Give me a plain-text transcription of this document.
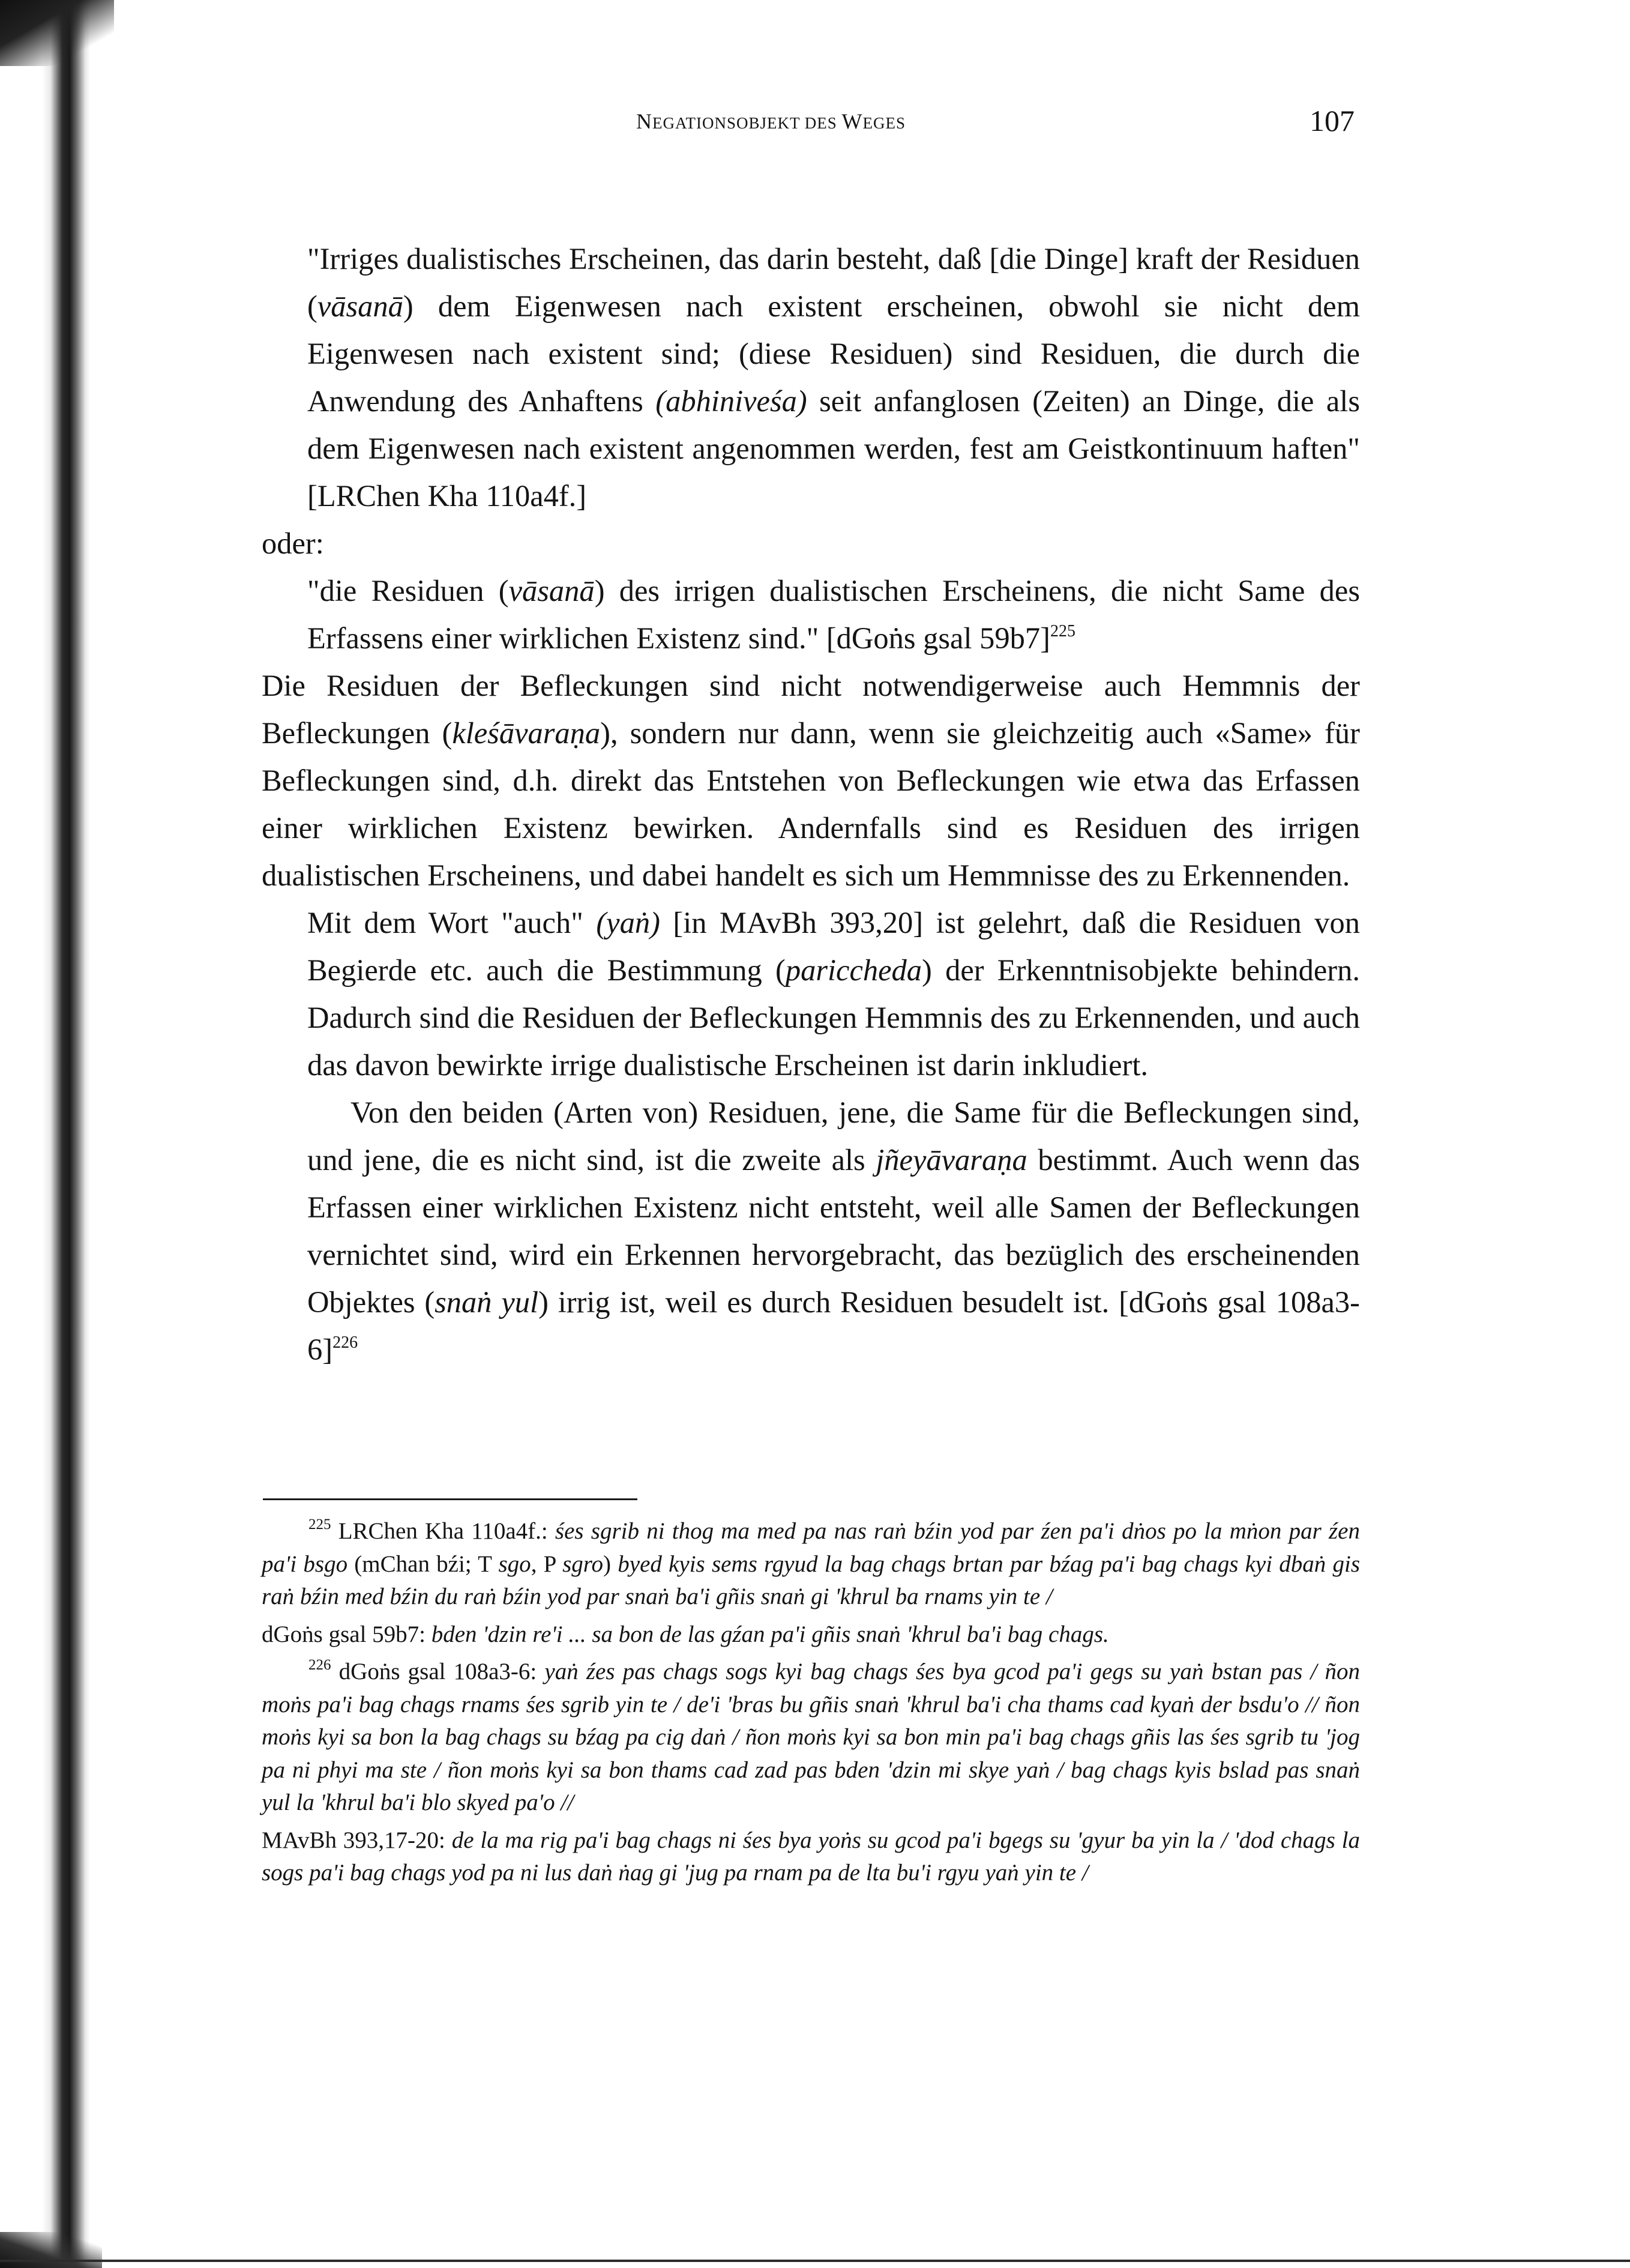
NEGATIONSOBJEKT DES WEGES	107

"Irriges dualistisches Erscheinen, das darin besteht, daß [die Dinge] kraft der Residuen (vāsanā) dem Eigenwesen nach existent erscheinen, obwohl sie nicht dem Eigenwesen nach existent sind; (diese Residuen) sind Residuen, die durch die Anwendung des Anhaftens (abhiniveśa) seit anfanglosen (Zeiten) an Dinge, die als dem Eigenwesen nach existent angenommen werden, fest am Geistkontinuum haften" [LRChen Kha 110a4f.]

oder:

"die Residuen (vāsanā) des irrigen dualistischen Erscheinens, die nicht Same des Erfassens einer wirklichen Existenz sind." [dGoṅs gsal 59b7]$^{225}$

Die Residuen der Befleckungen sind nicht notwendigerweise auch Hemmnis der Befleckungen (kleśāvaraṇa), sondern nur dann, wenn sie gleichzeitig auch «Same» für Befleckungen sind, d.h. direkt das Entstehen von Befleckungen wie etwa das Erfassen einer wirklichen Existenz bewirken. Andernfalls sind es Residuen des irrigen dualistischen Erscheinens, und dabei handelt es sich um Hemmnisse des zu Erkennenden.

Mit dem Wort "auch" (yaṅ) [in MAvBh 393,20] ist gelehrt, daß die Residuen von Begierde etc. auch die Bestimmung (pariccheda) der Erkenntnisobjekte behindern. Dadurch sind die Residuen der Befleckungen Hemmnis des zu Erkennenden, und auch das davon bewirkte irrige dualistische Erscheinen ist darin inkludiert.

Von den beiden (Arten von) Residuen, jene, die Same für die Befleckungen sind, und jene, die es nicht sind, ist die zweite als jñeyāvaraṇa bestimmt. Auch wenn das Erfassen einer wirklichen Existenz nicht entsteht, weil alle Samen der Befleckungen vernichtet sind, wird ein Erkennen hervorgebracht, das bezüglich des erscheinenden Objektes (snaṅ yul) irrig ist, weil es durch Residuen besudelt ist. [dGoṅs gsal 108a3-6]$^{226}$

$^{225}$ LRChen Kha 110a4f.: śes sgrib ni thog ma med pa nas raṅ bźin yod par źen pa'i dṅos po la mṅon par źen pa'i bsgo (mChan bźi; T sgo, P sgro) byed kyis sems rgyud la bag chags brtan par bźag pa'i bag chags kyi dbaṅ gis raṅ bźin med bźin du raṅ bźin yod par snaṅ ba'i gñis snaṅ gi 'khrul ba rnams yin te /

dGoṅs gsal 59b7: bden 'dzin re'i ... sa bon de las gźan pa'i gñis snaṅ 'khrul ba'i bag chags.

$^{226}$ dGoṅs gsal 108a3-6: yaṅ źes pas chags sogs kyi bag chags śes bya gcod pa'i gegs su yaṅ bstan pas / ñon moṅs pa'i bag chags rnams śes sgrib yin te / de'i 'bras bu gñis snaṅ 'khrul ba'i cha thams cad kyaṅ der bsdu'o // ñon moṅs kyi sa bon la bag chags su bźag pa cig daṅ / ñon moṅs kyi sa bon min pa'i bag chags gñis las śes sgrib tu 'jog pa ni phyi ma ste / ñon moṅs kyi sa bon thams cad zad pas bden 'dzin mi skye yaṅ / bag chags kyis bslad pas snaṅ yul la 'khrul ba'i blo skyed pa'o //

MAvBh 393,17-20: de la ma rig pa'i bag chags ni śes bya yoṅs su gcod pa'i bgegs su 'gyur ba yin la / 'dod chags la sogs pa'i bag chags yod pa ni lus daṅ ṅag gi 'jug pa rnam pa de lta bu'i rgyu yaṅ yin te /
